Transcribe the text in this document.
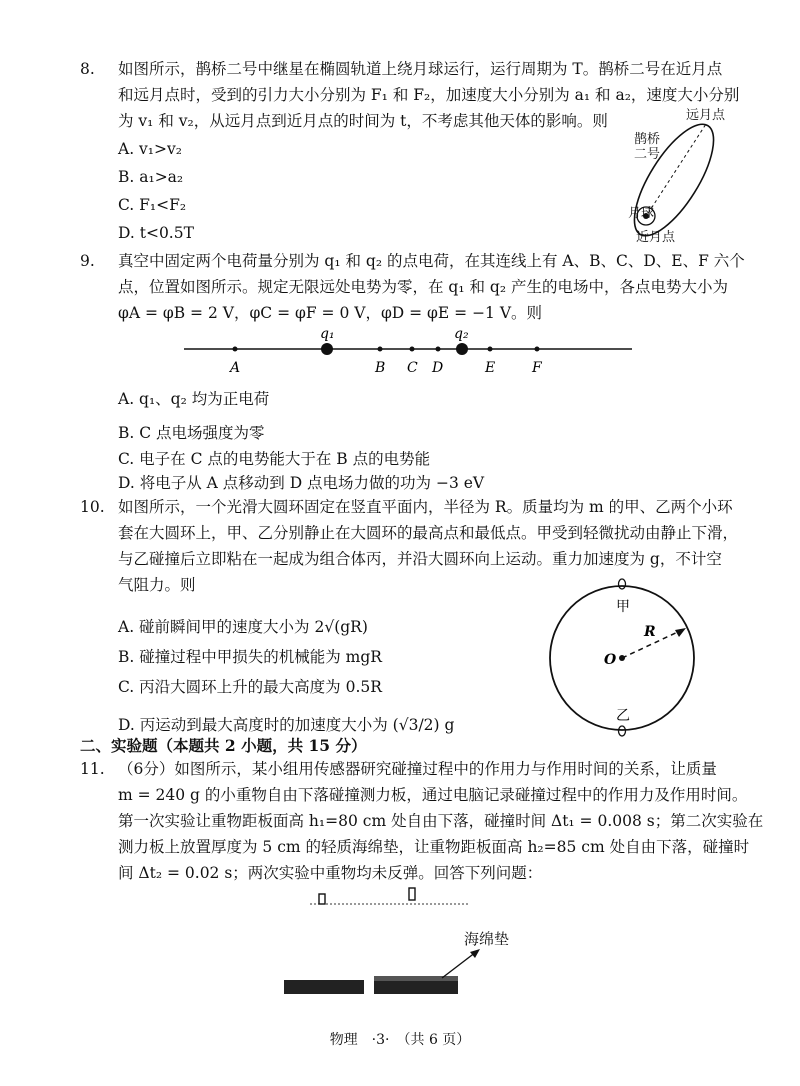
8. 如图所示，鹊桥二号中继星在椭圆轨道上绕月球运行，运行周期为 T。鹊桥二号在近月点
和远月点时，受到的引力大小分别为 F₁ 和 F₂，加速度大小分别为 a₁ 和 a₂，速度大小分别
为 v₁ 和 v₂，从远月点到近月点的时间为 t，不考虑其他天体的影响。则
A. v₁>v₂
B. a₁>a₂
C. F₁<F₂
D. t<0.5T
远月点
鹊桥
二号
月球
近月点
9. 真空中固定两个电荷量分别为 q₁ 和 q₂ 的点电荷，在其连线上有 A、B、C、D、E、F 六个
点，位置如图所示。规定无限远处电势为零，在 q₁ 和 q₂ 产生的电场中，各点电势大小为
φA = φB = 2 V，φC = φF = 0 V，φD = φE = −1 V。则
q₁	q₂
A	B C D	E	F
A. q₁、q₂ 均为正电荷
B. C 点电场强度为零
C. 电子在 C 点的电势能大于在 B 点的电势能
D. 将电子从 A 点移动到 D 点电场力做的功为 −3 eV
10. 如图所示，一个光滑大圆环固定在竖直平面内，半径为 R。质量均为 m 的甲、乙两个小环
套在大圆环上，甲、乙分别静止在大圆环的最高点和最低点。甲受到轻微扰动由静止下滑，
与乙碰撞后立即粘在一起成为组合体丙，并沿大圆环向上运动。重力加速度为 g，不计空
气阻力。则
A. 碰前瞬间甲的速度大小为 2√(gR)
B. 碰撞过程中甲损失的机械能为 mgR
C. 丙沿大圆环上升的最大高度为 0.5R
D. 丙运动到最大高度时的加速度大小为 (√3/2) g
甲
乙
O
R
二、实验题（本题共 2 小题，共 15 分）
11. （6分）如图所示，某小组用传感器研究碰撞过程中的作用力与作用时间的关系，让质量
m = 240 g 的小重物自由下落碰撞测力板，通过电脑记录碰撞过程中的作用力及作用时间。
第一次实验让重物距板面高 h₁=80 cm 处自由下落，碰撞时间 Δt₁ = 0.008 s；第二次实验在
测力板上放置厚度为 5 cm 的轻质海绵垫，让重物距板面高 h₂=85 cm 处自由下落，碰撞时
间 Δt₂ = 0.02 s；两次实验中重物均未反弹。回答下列问题：
海绵垫
物理　·3·　（共 6 页）
